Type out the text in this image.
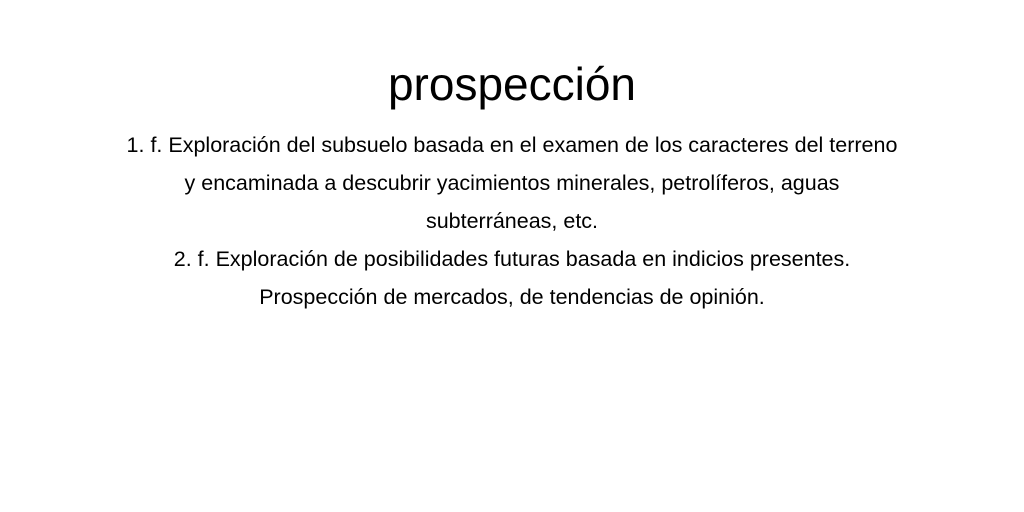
prospección
1. f. Exploración del subsuelo basada en el examen de los caracteres del terreno
y encaminada a descubrir yacimientos minerales, petrolíferos, aguas
subterráneas, etc.
2. f. Exploración de posibilidades futuras basada en indicios presentes.
Prospección de mercados, de tendencias de opinión.
